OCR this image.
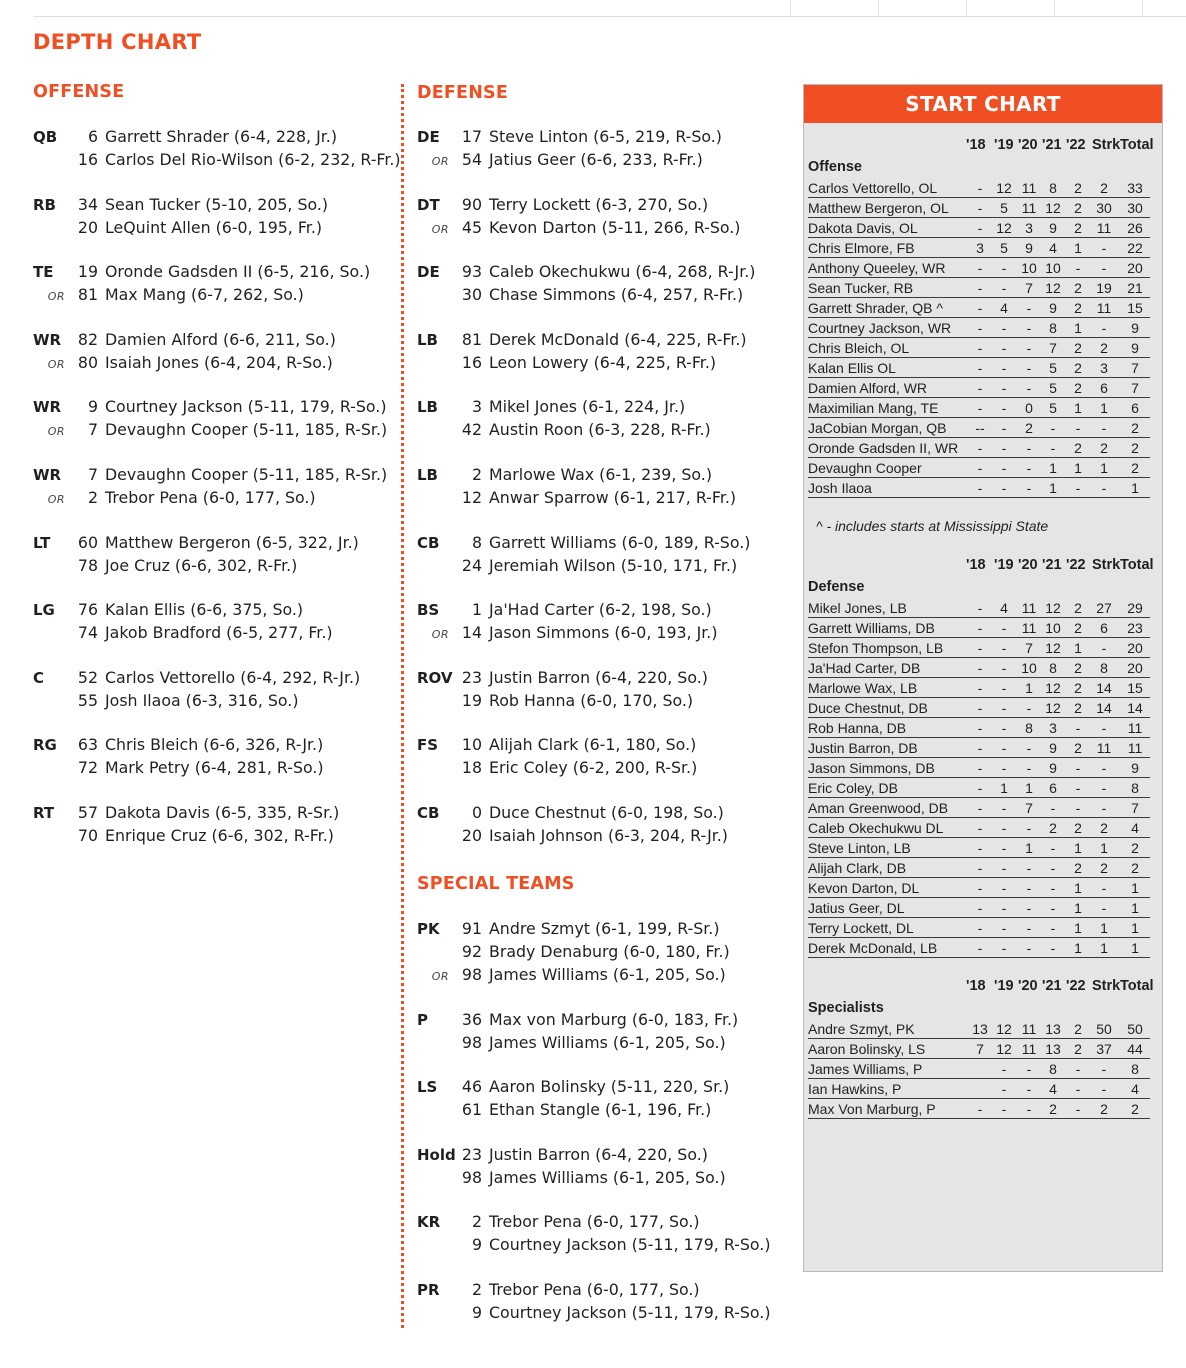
DEPTH CHART
OFFENSE	DEFENSE
QB	6 Garrett Shrader (6-4, 228, Jr.)
16 Carlos Del Rio-Wilson (6-2, 232, R-Fr.)
RB	34 Sean Tucker (5-10, 205, So.)
20 LeQuint Allen (6-0, 195, Fr.)
TE	19 Oronde Gadsden II (6-5, 216, So.)
OR 81 Max Mang (6-7, 262, So.)
WR	82 Damien Alford (6-6, 211, So.)
OR 80 Isaiah Jones (6-4, 204, R-So.)
WR	9 Courtney Jackson (5-11, 179, R-So.)
OR	7 Devaughn Cooper (5-11, 185, R-Sr.)
WR	7 Devaughn Cooper (5-11, 185, R-Sr.)
OR	2 Trebor Pena (6-0, 177, So.)
LT	60 Matthew Bergeron (6-5, 322, Jr.)
78 Joe Cruz (6-6, 302, R-Fr.)
LG	76 Kalan Ellis (6-6, 375, So.)
74 Jakob Bradford (6-5, 277, Fr.)
C	52 Carlos Vettorello (6-4, 292, R-Jr.)
55 Josh Ilaoa (6-3, 316, So.)
RG	63 Chris Bleich (6-6, 326, R-Jr.)
72 Mark Petry (6-4, 281, R-So.)
RT	57 Dakota Davis (6-5, 335, R-Sr.)
70 Enrique Cruz (6-6, 302, R-Fr.)
DE	17 Steve Linton (6-5, 219, R-So.)
OR 54 Jatius Geer (6-6, 233, R-Fr.)
DT	90 Terry Lockett (6-3, 270, So.)
OR 45 Kevon Darton (5-11, 266, R-So.)
DE	93 Caleb Okechukwu (6-4, 268, R-Jr.)
30 Chase Simmons (6-4, 257, R-Fr.)
LB	81 Derek McDonald (6-4, 225, R-Fr.)
16 Leon Lowery (6-4, 225, R-Fr.)
LB	3 Mikel Jones (6-1, 224, Jr.)
42 Austin Roon (6-3, 228, R-Fr.)
LB	2 Marlowe Wax (6-1, 239, So.)
12 Anwar Sparrow (6-1, 217, R-Fr.)
CB	8 Garrett Williams (6-0, 189, R-So.)
24 Jeremiah Wilson (5-10, 171, Fr.)
BS	1 Ja'Had Carter (6-2, 198, So.)
OR 14 Jason Simmons (6-0, 193, Jr.)
ROV 23 Justin Barron (6-4, 220, So.)
19 Rob Hanna (6-0, 170, So.)
FS	10 Alijah Clark (6-1, 180, So.)
18 Eric Coley (6-2, 200, R-Sr.)
CB	0 Duce Chestnut (6-0, 198, So.)
20 Isaiah Johnson (6-3, 204, R-Jr.)
SPECIAL TEAMS
PK	91 Andre Szmyt (6-1, 199, R-Sr.)
92 Brady Denaburg (6-0, 180, Fr.)
OR 98 James Williams (6-1, 205, So.)
P	36 Max von Marburg (6-0, 183, Fr.)
98 James Williams (6-1, 205, So.)
LS	46 Aaron Bolinsky (5-11, 220, Sr.)
61 Ethan Stangle (6-1, 196, Fr.)
Hold 23 Justin Barron (6-4, 220, So.)
98 James Williams (6-1, 205, So.)
KR	2 Trebor Pena (6-0, 177, So.)
9 Courtney Jackson (5-11, 179, R-So.)
PR	2 Trebor Pena (6-0, 177, So.)
9 Courtney Jackson (5-11, 179, R-So.)
START CHART
'18 '19 '20 '21 '22 Strk Total
Offense
Carlos Vettorello, OL	- 12 11 8	2	2	33
Matthew Bergeron, OL	-	5 11 12 2	30 30
Dakota Davis, OL	- 12 3	9	2	11 26
Chris Elmore, FB	3	5	9	4	1	-	22
Anthony Queeley, WR	-	-	10 10	-	-	20
Sean Tucker, RB	-	-	7 12 2	19 21
Garrett Shrader, QB ^	-	4	-	9	2	11 15
Courtney Jackson, WR	-	-	-	8	1	-	9
Chris Bleich, OL	-	-	-	7	2	2	9
Kalan Ellis OL	-	-	-	5	2	3	7
Damien Alford, WR	-	-	-	5	2	6	7
Maximilian Mang, TE	-	-	0	5	1	1	6
JaCobian Morgan, QB	--	-	2	-	-	-	2
Oronde Gadsden II, WR	-	-	-	-	2	2	2
Devaughn Cooper	-	-	-	1	1	1	2
Josh Ilaoa	-	-	-	1	-	-	1
^ - includes starts at Mississippi State
'18 '19 '20 '21 '22 Strk Total
Defense
Mikel Jones, LB	-	4 11 12 2	27 29
Garrett Williams, DB	-	-	11 10 2	6	23
Stefon Thompson, LB	-	-	7 12 1	-	20
Ja'Had Carter, DB	-	-	10 8	2	8	20
Marlowe Wax, LB	-	-	1 12 2	14 15
Duce Chestnut, DB	-	-	- 12 2	14 14
Rob Hanna, DB	-	-	8	3	-	-	11
Justin Barron, DB	-	-	-	9	2	11 11
Jason Simmons, DB	-	-	-	9	-	-	9
Eric Coley, DB	-	1	1	6	-	-	8
Aman Greenwood, DB	-	-	7	-	-	-	7
Caleb Okechukwu DL	-	-	-	2	2	2	4
Steve Linton, LB	-	-	1	-	1	1	2
Alijah Clark, DB	-	-	-	-	2	2	2
Kevon Darton, DL	-	-	-	-	1	-	1
Jatius Geer, DL	-	-	-	-	1	-	1
Terry Lockett, DL	-	-	-	-	1	1	1
Derek McDonald, LB	-	-	-	-	1	1	1
'18 '19 '20 '21 '22 Strk Total
Specialists
Andre Szmyt, PK	13 12 11 13 2	50 50
Aaron Bolinsky, LS	7 12 11 13 2	37 44
James Williams, P	-	-	8	-	-	8
Ian Hawkins, P	-	-	4	-	-	4
Max Von Marburg, P	-	-	-	2	-	2	2
